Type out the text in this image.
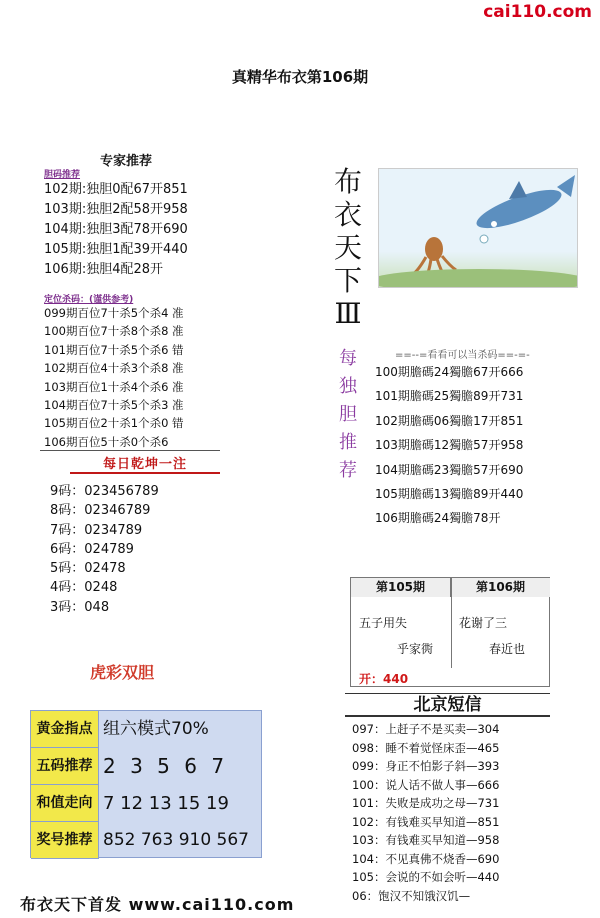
cai110.com
真精华布衣第106期
专家推荐
胆码推荐
102期:独胆0配67开851
103期:独胆2配58开958
104期:独胆3配78开690
105期:独胆1配39开440
106期:独胆4配28开
定位杀码：(谨供参考)
099期百位7十杀5个杀4 准
100期百位7十杀8个杀8 准
101期百位7十杀5个杀6 错
102期百位4十杀3个杀8 准
103期百位1十杀4个杀6 准
104期百位7十杀5个杀3 准
105期百位2十杀1个杀0 错
106期百位5十杀0个杀6
每日乾坤一注
9码：023456789
8码：02346789
7码：0234789
6码：024789
5码：02478
4码：0248
3码：048
虎彩双胆
黄金指点 组六模式70%
五码推荐 2 3 5 6 7
和值走向 7 12 13 15 19
奖号推荐 852 763 910 567
布
衣
天
下
Ⅲ
每
独
胆
推
荐
==--=看看可以当杀码==-=-
100期膽碼24獨膽67开666
101期膽碼25獨膽89开731
102期膽碼06獨膽17开851
103期膽碼12獨膽57开958
104期膽碼23獨膽57开690
105期膽碼13獨膽89开440
106期膽碼24獨膽78开
第105期	第106期
五子用失
乎家衖
花谢了三
春近也
开：440
北京短信
097：上赶子不是买卖—304
098：睡不着觉怪床歪—465
099：身正不怕影子斜—393
100：说人话不做人事—666
101：失败是成功之母—731
102：有钱难买早知道—851
103：有钱难买早知道—958
104：不见真佛不烧香—690
105：会说的不如会听—440
06：饱汉不知饿汉饥—
布衣天下首发 www.cai110.com
